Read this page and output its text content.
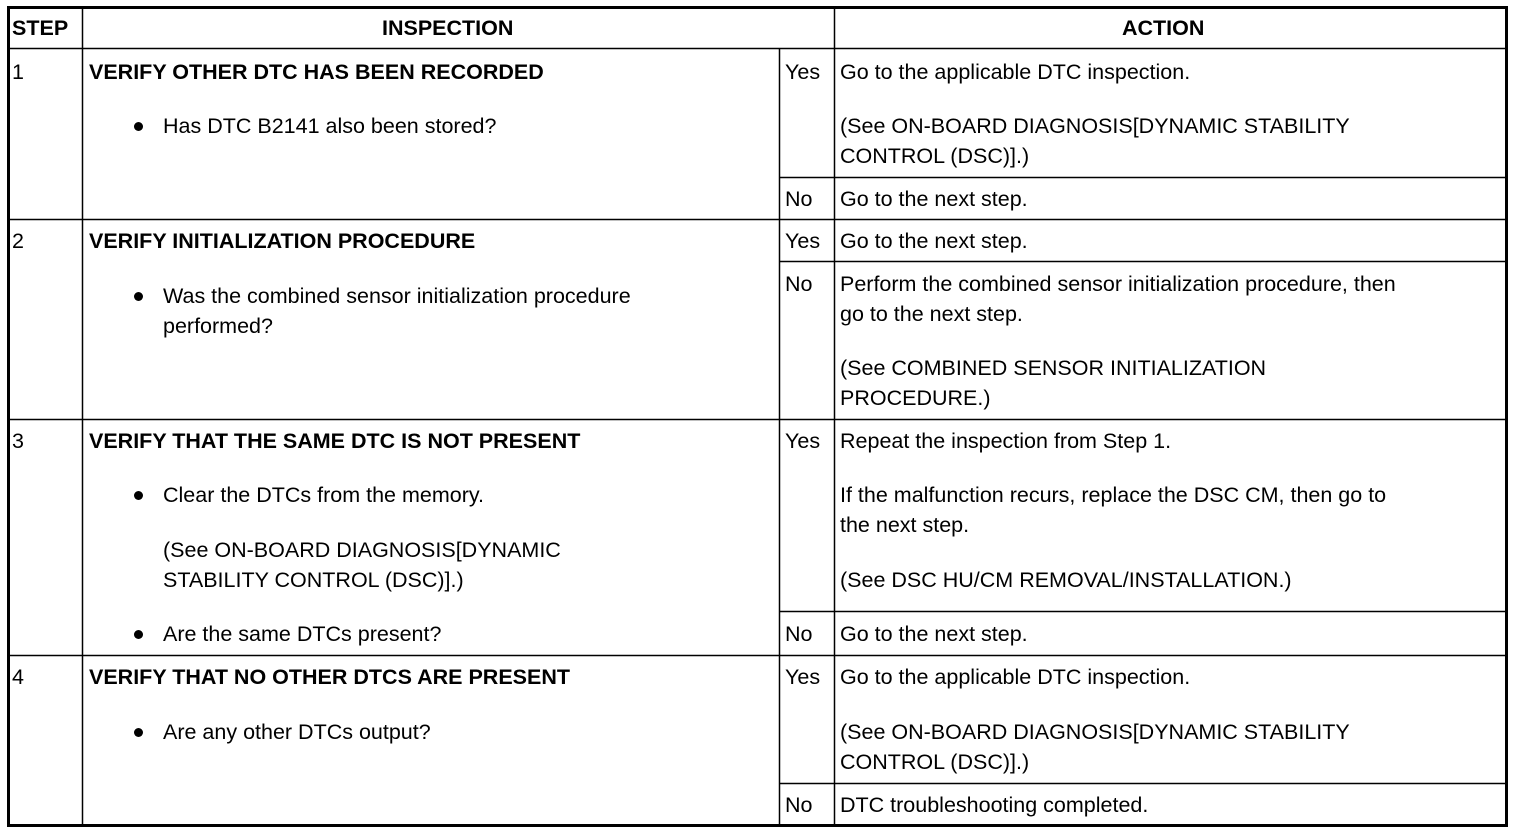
STEP	INSPECTION	ACTION
1	VERIFY OTHER DTC HAS BEEN RECORDED
Has DTC B2141 also been stored?
Yes Go to the applicable DTC inspection.
(See ON-BOARD DIAGNOSIS[DYNAMIC STABILITY
CONTROL (DSC)].)
No Go to the next step.
2	VERIFY INITIALIZATION PROCEDURE
Was the combined sensor initialization procedure
performed?
Yes Go to the next step.
No Perform the combined sensor initialization procedure, then
go to the next step.
(See COMBINED SENSOR INITIALIZATION
PROCEDURE.)
3	VERIFY THAT THE SAME DTC IS NOT PRESENT
Clear the DTCs from the memory.
(See ON-BOARD DIAGNOSIS[DYNAMIC
STABILITY CONTROL (DSC)].)
Are the same DTCs present?
Yes Repeat the inspection from Step 1.
If the malfunction recurs, replace the DSC CM, then go to
the next step.
(See DSC HU/CM REMOVAL/INSTALLATION.)
No Go to the next step.
4	VERIFY THAT NO OTHER DTCS ARE PRESENT
Are any other DTCs output?
Yes Go to the applicable DTC inspection.
(See ON-BOARD DIAGNOSIS[DYNAMIC STABILITY
CONTROL (DSC)].)
No DTC troubleshooting completed.
